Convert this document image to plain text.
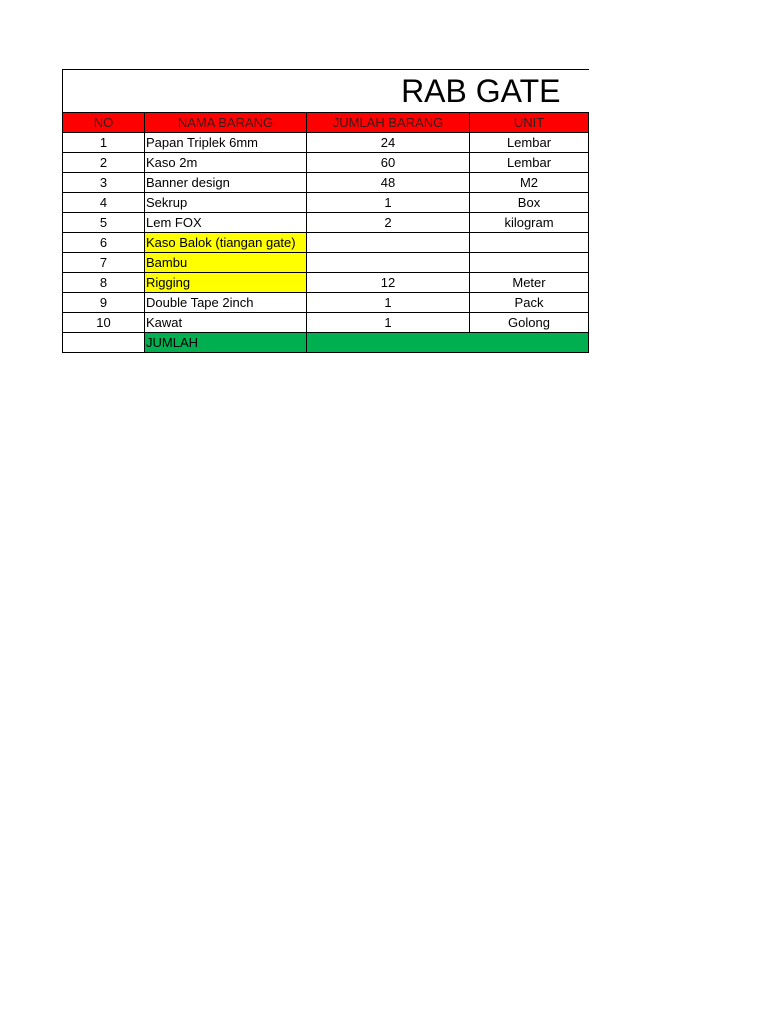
RAB GATE			
NO	NAMA BARANG	JUMLAH BARANG	UNIT
1	Papan Triplek 6mm	24	Lembar
2	Kaso 2m	60	Lembar
3	Banner design	48	M2
4	Sekrup	1	Box
5	Lem FOX	2	kilogram
6	Kaso Balok (tiangan gate)		
7	Bambu		
8	Rigging	12	Meter
9	Double Tape 2inch	1	Pack
10	Kawat	1	Golong
	JUMLAH		
